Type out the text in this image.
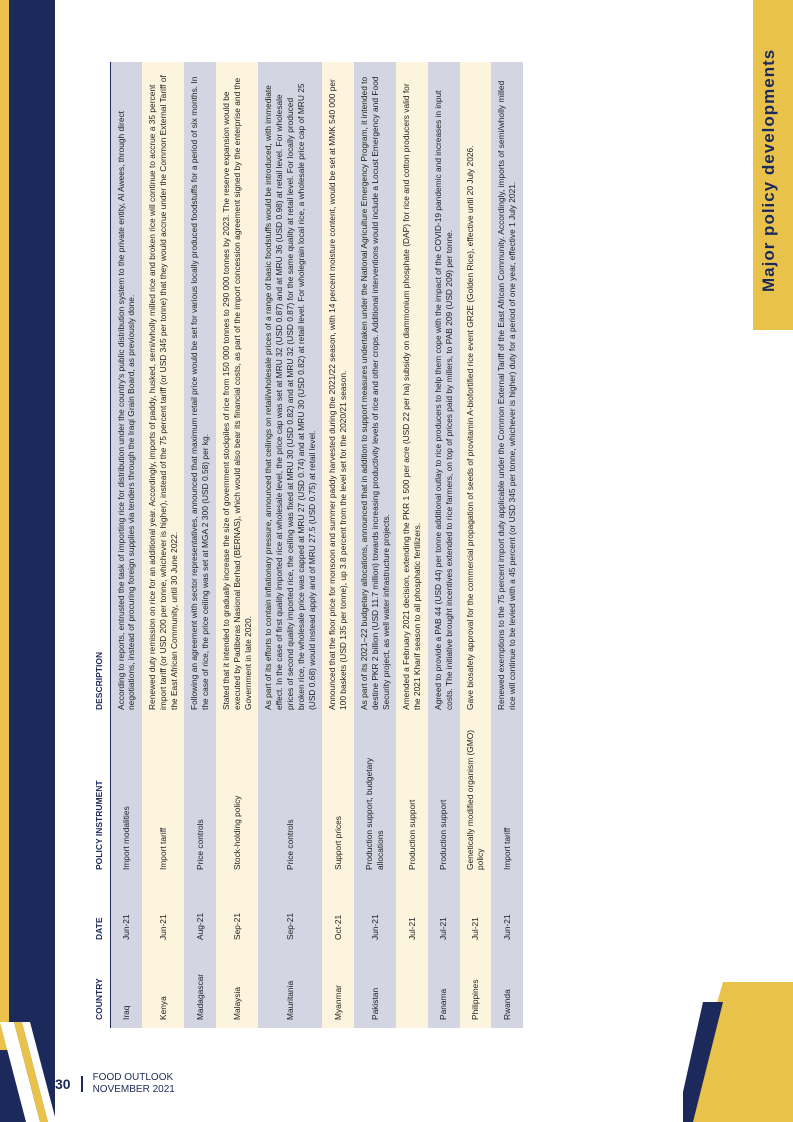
Major policy developments
30	FOOD OUTLOOK
NOVEMBER 2021
COUNTRY	DATE	POLICY INSTRUMENT	DESCRIPTION
Iraq	Jun-21	Import modalities	According to reports, entrusted the task of importing rice for distribution under the country's public distribution system to the private entity, Al Awees, through direct negotiations, instead of procuring foreign supplies via tenders through the Iraqi Grain Board, as previously done.
Kenya	Jun-21	Import tariff	Renewed duty remission on rice for an additional year. Accordingly, imports of paddy, husked, semi/wholly milled rice and broken rice will continue to accrue a 35 percent import tariff (or USD 200 per tonne, whichever is higher), instead of the 75 percent tariff (or USD 345 per tonne) that they would accrue under the Common External Tariff of the East African Community, until 30 June 2022.
Madagascar	Aug-21	Price controls	Following an agreement with sector representatives, announced that maximum retail price would be set for various locally produced foodstuffs for a period of six months. In the case of rice, the price ceiling was set at MGA 2 300 (USD 0.58) per kg.
Malaysia	Sep-21	Stock-holding policy	Stated that it intended to gradually increase the size of government stockpiles of rice from 150 000 tonnes to 290 000 tonnes by 2023. The reserve expansion would be executed by Padiberas Nasional Berhad (BERNAS), which would also bear its financial costs, as part of the import concession agreement signed by the enterprise and the Government in late 2020.
Mauritania	Sep-21	Price controls	As part of its efforts to contain inflationary pressure, announced that ceilings on retail/wholesale prices of a range of basic foodstuffs would be introduced, with immediate effect. In the case of first quality imported rice at wholesale level, the price cap was set at MRU 32 (USD 0.87) and at MRU 36 (USD 0.98) at retail level. For wholesale prices of second quality imported rice, the ceiling was fixed at MRU 30 (USD 0.82) and at MRU 32 (USD 0.87) for the same quality at retail level. For locally produced broken rice, the wholesale price was capped at MRU 27 (USD 0.74) and at MRU 30 (USD 0.82) at retail level. For wholegrain local rice, a wholesale price cap of MRU 25 (USD 0.68) would instead apply and of MRU 27.5 (USD 0.75) at retail level.
Myanmar	Oct-21	Support prices	Announced that the floor price for monsoon and summer paddy harvested during the 2021/22 season, with 14 percent moisture content, would be set at MMK 540 000 per 100 baskets (USD 135 per tonne), up 3.8 percent from the level set for the 2020/21 season.
Pakistan	Jun-21	Production support, budgetary allocations	As part of its 2021–22 budgetary allocations, announced that in addition to support measures undertaken under the National Agriculture Emergency Program, it intended to destine PKR 2 billion (USD 11.7 million) towards increasing productivity levels of rice and other crops. Additional interventions would include a Locust Emergency and Food Security project, as well water infrastructure projects.
	Jul-21	Production support	Amended a February 2021 decision, extending the PKR 1 500 per acre (USD 22 per ha) subsidy on diammonium phosphate (DAP) for rice and cotton producers valid for the 2021 Kharif season to all phosphatic fertilizers.
Panama	Jul-21	Production support	Agreed to provide a PAB 44 (USD 44) per tonne additional outlay to rice producers to help them cope with the impact of the COVID-19 pandemic and increases in input costs. The initiative brought incentives extended to rice farmers, on top of prices paid by millers, to PAB 209 (USD 209) per tonne.
Philippines	Jul-21	Genetically modified organism (GMO) policy	Gave biosafety approval for the commercial propagation of seeds of provitamin A-biofortified rice event GR2E (Golden Rice), effective until 20 July 2026.
Rwanda	Jun-21	Import tariff	Renewed exemptions to the 75 percent import duty applicable under the Common External Tariff of the East African Community. Accordingly, imports of semi/wholly milled rice will continue to be levied with a 45 percent (or USD 345 per tonne, whichever is higher) duty for a period of one year, effective 1 July 2021.
